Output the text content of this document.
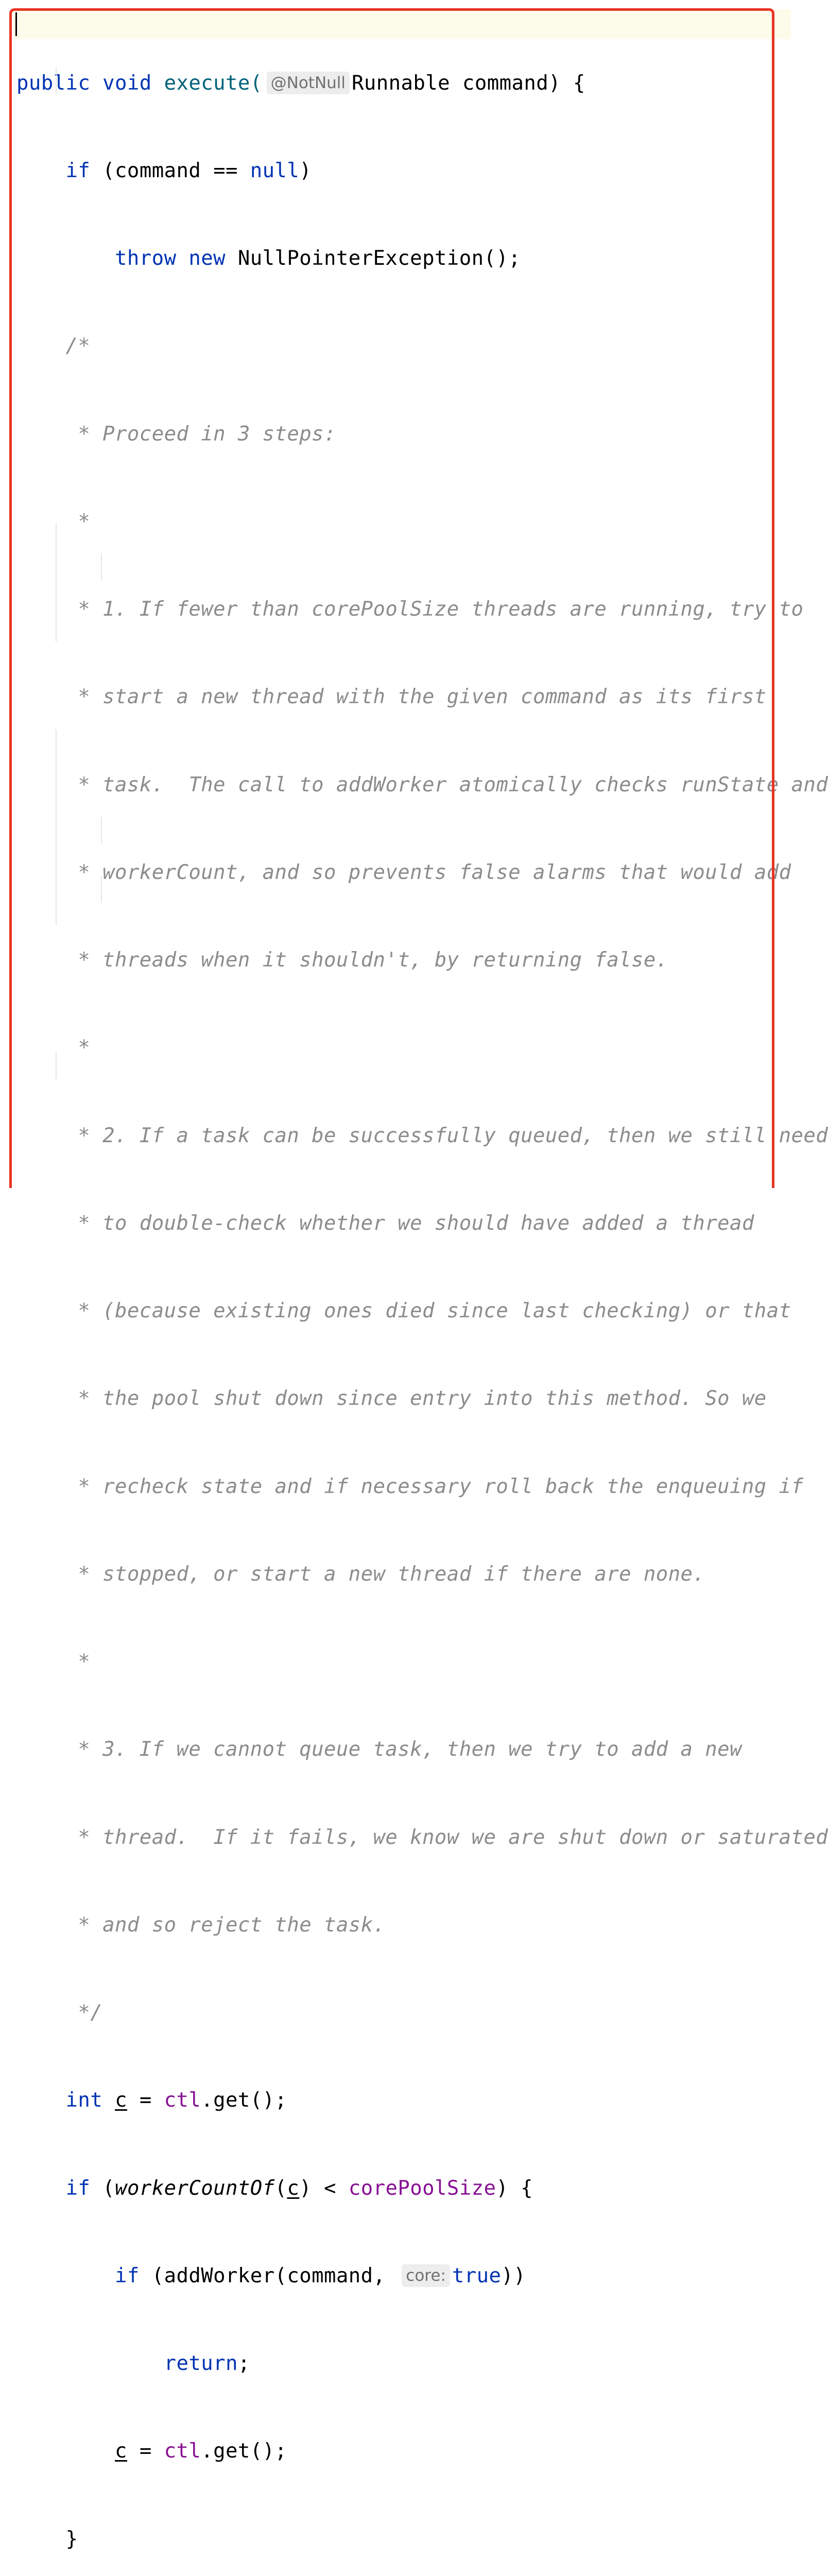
public void execute( @NotNull Runnable command) {

if (command == null)

throw new NullPointerException();

/*

* Proceed in 3 steps:

*

* 1. If fewer than corePoolSize threads are running, try to

* start a new thread with the given command as its first

* task.  The call to addWorker atomically checks runState and

* workerCount, and so prevents false alarms that would add

* threads when it shouldn't, by returning false.

*

* 2. If a task can be successfully queued, then we still need

* to double-check whether we should have added a thread

* (because existing ones died since last checking) or that

* the pool shut down since entry into this method. So we

* recheck state and if necessary roll back the enqueuing if

* stopped, or start a new thread if there are none.

*

* 3. If we cannot queue task, then we try to add a new

* thread.  If it fails, we know we are shut down or saturated

* and so reject the task.

*/

int c = ctl.get();

if (workerCountOf(c) < corePoolSize) {

if (addWorker(command, core: true))

return;

c = ctl.get();

}
